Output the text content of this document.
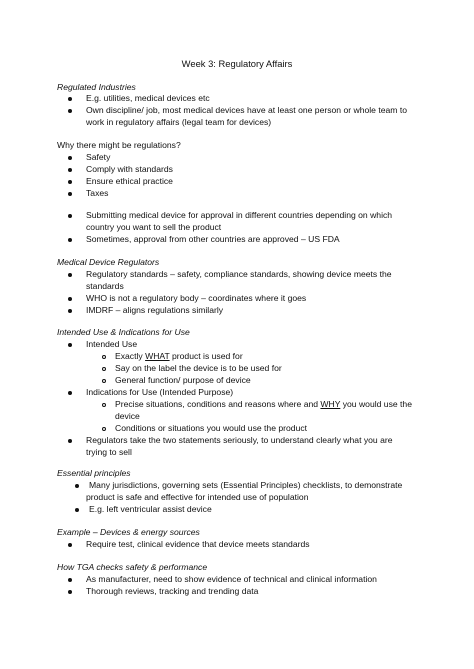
Week 3: Regulatory Affairs
Regulated Industries
E.g. utilities, medical devices etc
Own discipline/ job, most medical devices have at least one person or whole team to
work in regulatory affairs (legal team for devices)
Why there might be regulations?
Safety
Comply with standards
Ensure ethical practice
Taxes
Submitting medical device for approval in different countries depending on which
country you want to sell the product
Sometimes, approval from other countries are approved – US FDA
Medical Device Regulators
Regulatory standards – safety, compliance standards, showing device meets the
standards
WHO is not a regulatory body – coordinates where it goes
IMDRF – aligns regulations similarly
Intended Use & Indications for Use
Intended Use
Exactly WHAT product is used for
Say on the label the device is to be used for
General function/ purpose of device
Indications for Use (Intended Purpose)
Precise situations, conditions and reasons where and WHY you would use the
device
Conditions or situations you would use the product
Regulators take the two statements seriously, to understand clearly what you are
trying to sell
Essential principles
Many jurisdictions, governing sets (Essential Principles) checklists, to demonstrate
product is safe and effective for intended use of population
E.g. left ventricular assist device
Example – Devices & energy sources
Require test, clinical evidence that device meets standards
How TGA checks safety & performance
As manufacturer, need to show evidence of technical and clinical information
Thorough reviews, tracking and trending data
